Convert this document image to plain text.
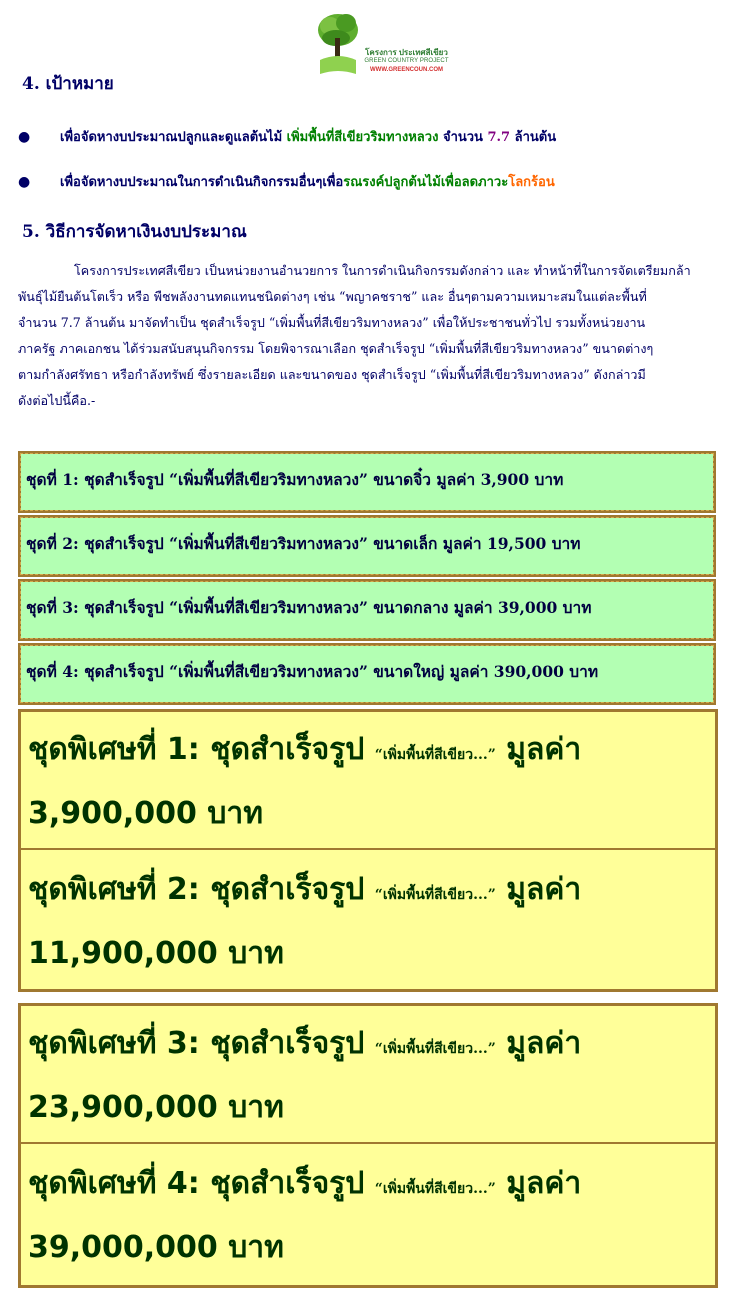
โครงการ ประเทศสีเขียว
GREEN COUNTRY PROJECT
WWW.GREENCOUN.COM
4. เป้าหมาย
● เพื่อจัดหางบประมาณปลูกและดูแลต้นไม้ เพิ่มพื้นที่สีเขียวริมทางหลวง จำนวน 7.7 ล้านต้น
● เพื่อจัดหางบประมาณในการดำเนินกิจกรรมอื่นๆเพื่อรณรงค์ปลูกต้นไม้เพื่อลดภาวะโลกร้อน
5. วิธีการจัดหาเงินงบประมาณ
โครงการประเทศสีเขียว เป็นหน่วยงานอำนวยการ ในการดำเนินกิจกรรมดังกล่าว และ ทำหน้าที่ในการจัดเตรียมกล้า
พันธุ์ไม้ยืนต้นโตเร็ว หรือ พืชพลังงานทดแทนชนิดต่างๆ เช่น “พญาคชราช” และ อื่นๆตามความเหมาะสมในแต่ละพื้นที่
จำนวน 7.7 ล้านต้น มาจัดทำเป็น ชุดสำเร็จรูป “เพิ่มพื้นที่สีเขียวริมทางหลวง” เพื่อให้ประชาชนทั่วไป รวมทั้งหน่วยงาน
ภาครัฐ ภาคเอกชน ได้ร่วมสนับสนุนกิจกรรม โดยพิจารณาเลือก ชุดสำเร็จรูป “เพิ่มพื้นที่สีเขียวริมทางหลวง” ขนาดต่างๆ
ตามกำลังศรัทธา หรือกำลังทรัพย์ ซึ่งรายละเอียด และขนาดของ ชุดสำเร็จรูป “เพิ่มพื้นที่สีเขียวริมทางหลวง” ดังกล่าวมี
ดังต่อไปนี้คือ.-
ชุดที่ 1: ชุดสำเร็จรูป “เพิ่มพื้นที่สีเขียวริมทางหลวง” ขนาดจิ๋ว มูลค่า 3,900 บาท
ชุดที่ 2: ชุดสำเร็จรูป “เพิ่มพื้นที่สีเขียวริมทางหลวง” ขนาดเล็ก มูลค่า 19,500 บาท
ชุดที่ 3: ชุดสำเร็จรูป “เพิ่มพื้นที่สีเขียวริมทางหลวง” ขนาดกลาง มูลค่า 39,000 บาท
ชุดที่ 4: ชุดสำเร็จรูป “เพิ่มพื้นที่สีเขียวริมทางหลวง” ขนาดใหญ่ มูลค่า 390,000 บาท
ชุดพิเศษที่ 1: ชุดสำเร็จรูป “เพิ่มพื้นที่สีเขียว...” มูลค่า
3,900,000 บาท
ชุดพิเศษที่ 2: ชุดสำเร็จรูป “เพิ่มพื้นที่สีเขียว...” มูลค่า
11,900,000 บาท
ชุดพิเศษที่ 3: ชุดสำเร็จรูป “เพิ่มพื้นที่สีเขียว...” มูลค่า
23,900,000 บาท
ชุดพิเศษที่ 4: ชุดสำเร็จรูป “เพิ่มพื้นที่สีเขียว...” มูลค่า
39,000,000 บาท
